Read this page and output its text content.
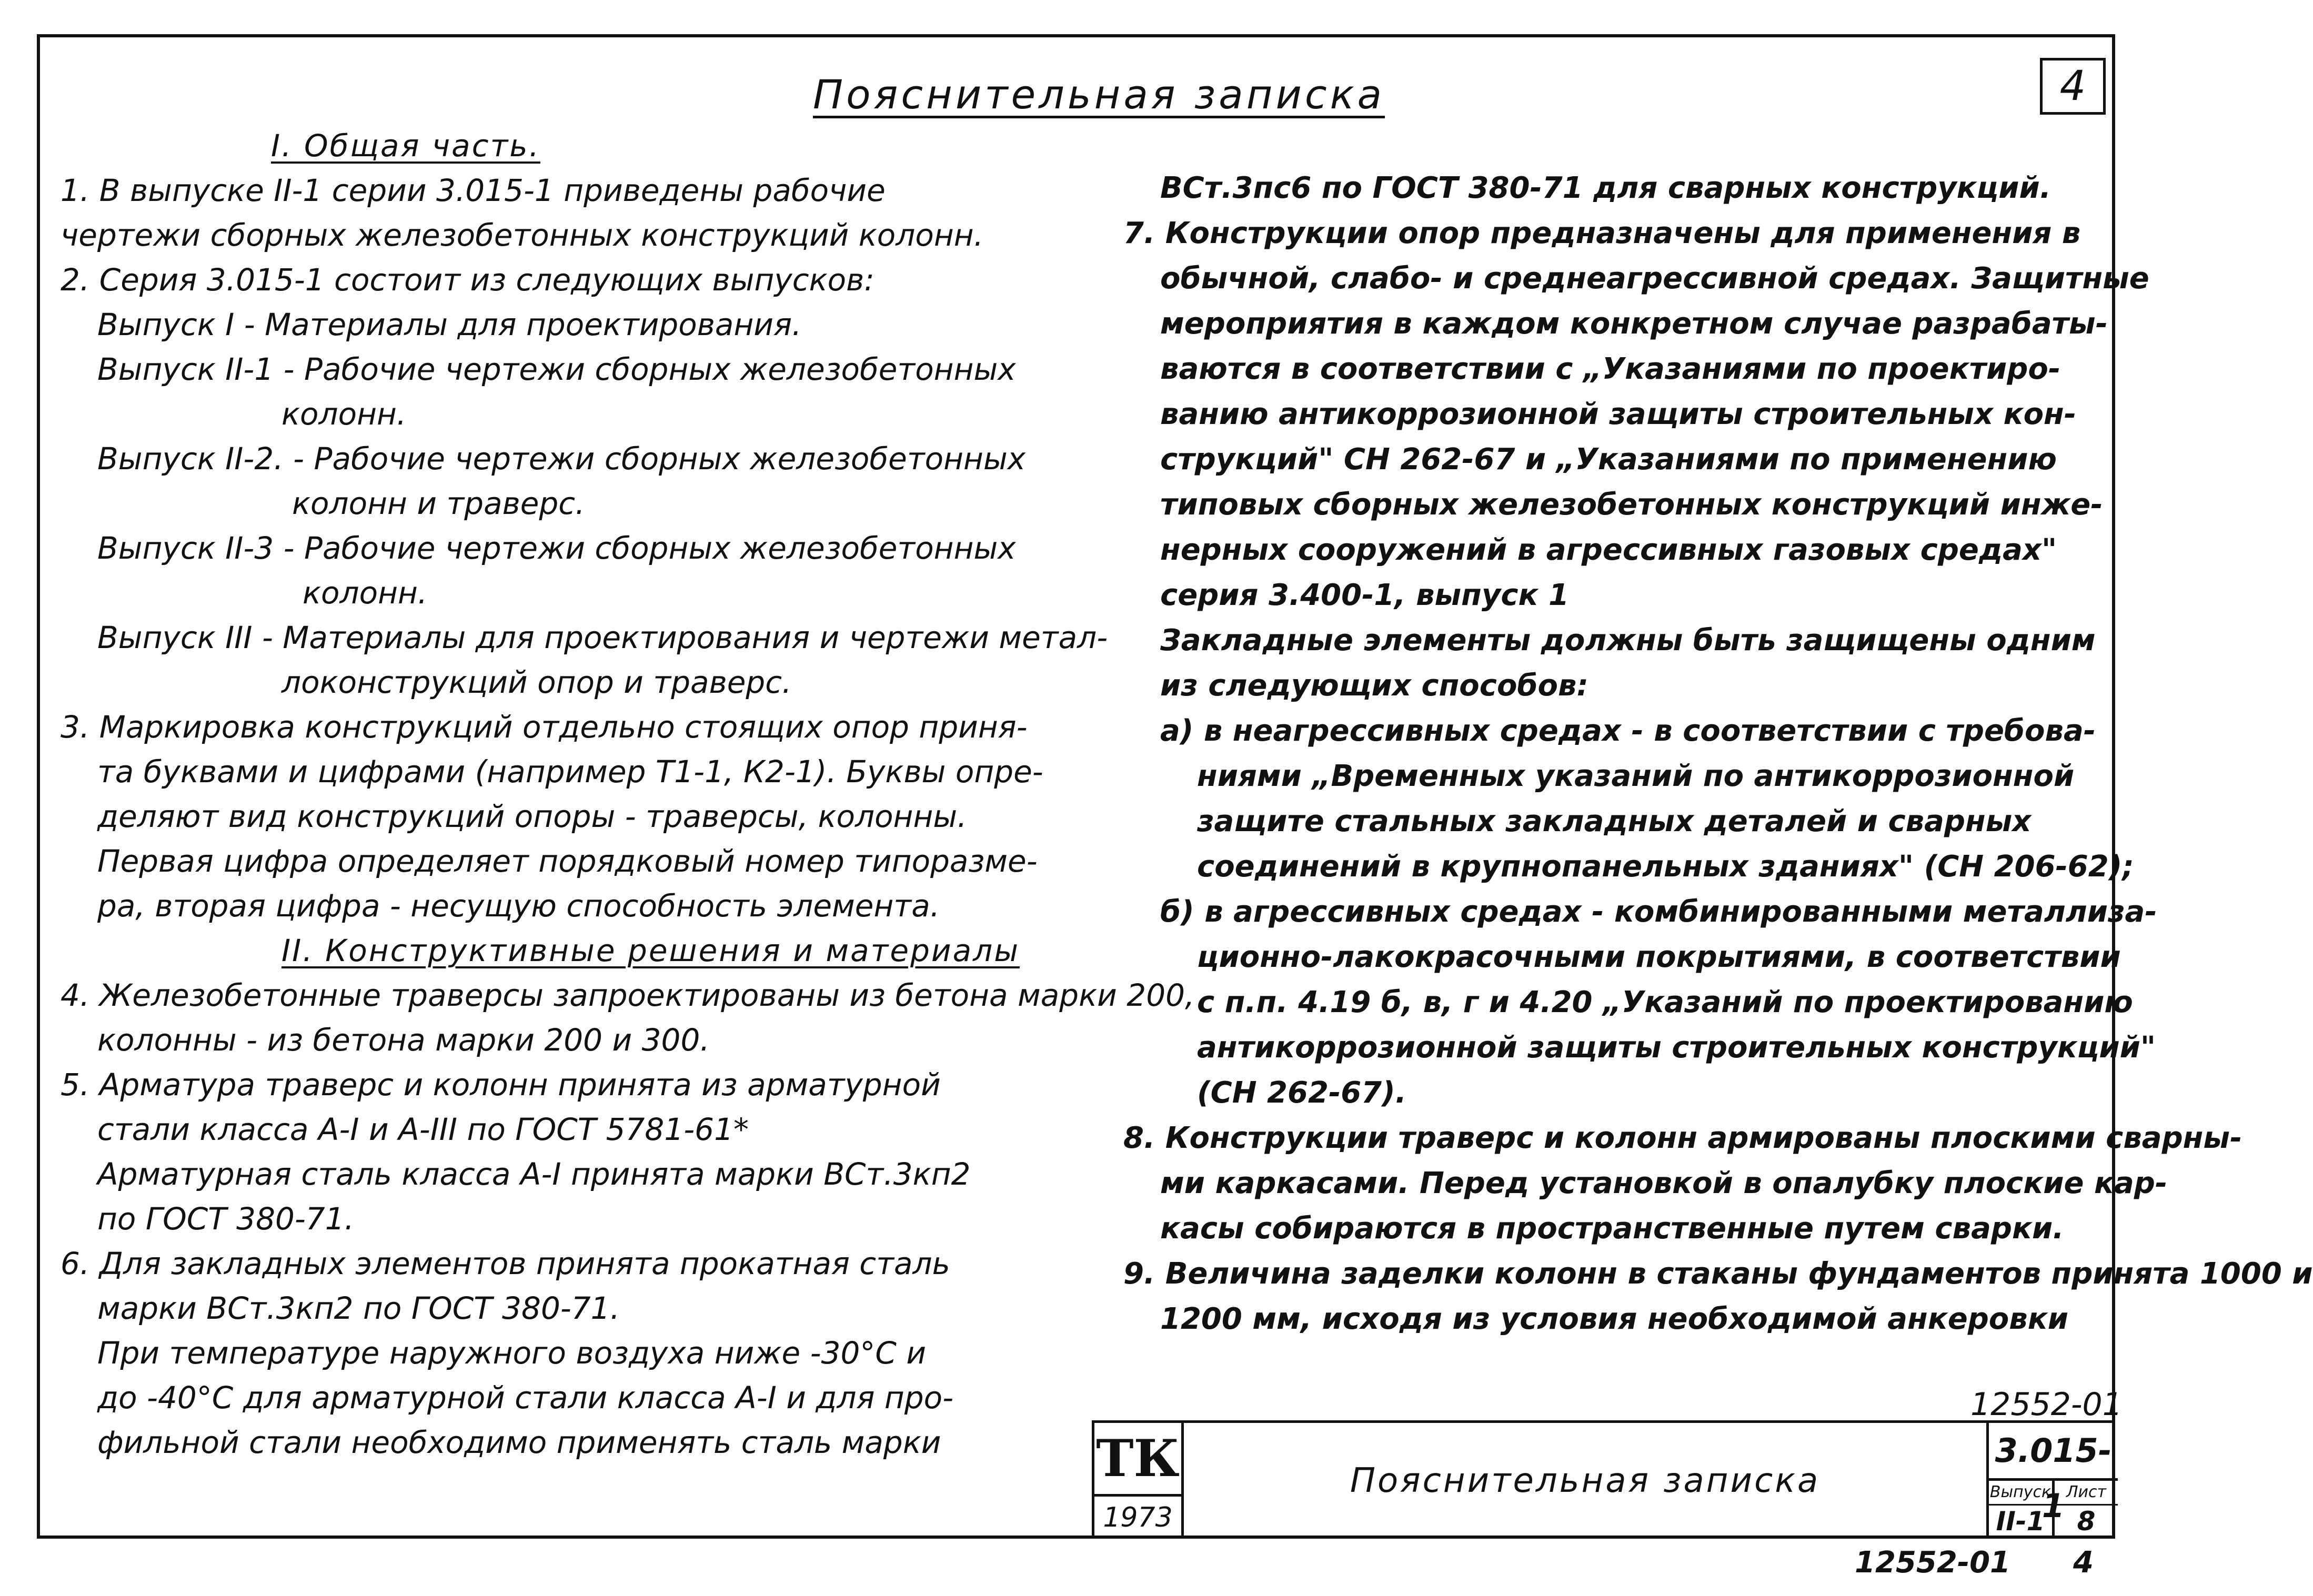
4
Пояснительная записка
I. Общая часть.
1. В выпуске II-1 серии 3.015-1 приведены рабочие
чертежи сборных железобетонных конструкций колонн.
2. Серия 3.015-1 состоит из следующих выпусков:
Выпуск I - Материалы для проектирования.
Выпуск II-1 - Рабочие чертежи сборных железобетонных
колонн.
Выпуск II-2. - Рабочие чертежи сборных железобетонных
колонн и траверс.
Выпуск II-3 - Рабочие чертежи сборных железобетонных
колонн.
Выпуск III - Материалы для проектирования и чертежи метал-
локонструкций опор и траверс.
3. Маркировка конструкций отдельно стоящих опор приня-
та буквами и цифрами (например Т1-1, К2-1). Буквы опре-
деляют вид конструкций опоры - траверсы, колонны.
Первая цифра определяет порядковый номер типоразме-
ра, вторая цифра - несущую способность элемента.
II. Конструктивные решения и материалы
4. Железобетонные траверсы запроектированы из бетона марки 200,
колонны - из бетона марки 200 и 300.
5. Арматура траверс и колонн принята из арматурной
стали класса А-I и А-III по ГОСТ 5781-61*
Арматурная сталь класса А-I принята марки ВСт.3кп2
по ГОСТ 380-71.
6. Для закладных элементов принята прокатная сталь
марки ВСт.3кп2 по ГОСТ 380-71.
При температуре наружного воздуха ниже -30°С и
до -40°С для арматурной стали класса А-I и для про-
фильной стали необходимо применять сталь марки
ВСт.3пс6 по ГОСТ 380-71 для сварных конструкций.
7. Конструкции опор предназначены для применения в
обычной, слабо- и среднеагрессивной средах. Защитные
мероприятия в каждом конкретном случае разрабаты-
ваются в соответствии с „Указаниями по проектиро-
ванию антикоррозионной защиты строительных кон-
струкций" СН 262-67 и „Указаниями по применению
типовых сборных железобетонных конструкций инже-
нерных сооружений в агрессивных газовых средах"
серия 3.400-1, выпуск 1
Закладные элементы должны быть защищены одним
из следующих способов:
а) в неагрессивных средах - в соответствии с требова-
ниями „Временных указаний по антикоррозионной
защите стальных закладных деталей и сварных
соединений в крупнопанельных зданиях" (СН 206-62);
б) в агрессивных средах - комбинированными металлиза-
ционно-лакокрасочными покрытиями, в соответствии
с п.п. 4.19 б, в, г и 4.20 „Указаний по проектированию
антикоррозионной защиты строительных конструкций"
(СН 262-67).
8. Конструкции траверс и колонн армированы плоскими сварны-
ми каркасами. Перед установкой в опалубку плоские кар-
касы собираются в пространственные путем сварки.
9. Величина заделки колонн в стаканы фундаментов принята 1000 и
1200 мм, исходя из условия необходимой анкеровки
12552-01
ТК
1973
Пояснительная записка
3.015-1
Выпуск
II-1
Лист
8
12552-01 4
